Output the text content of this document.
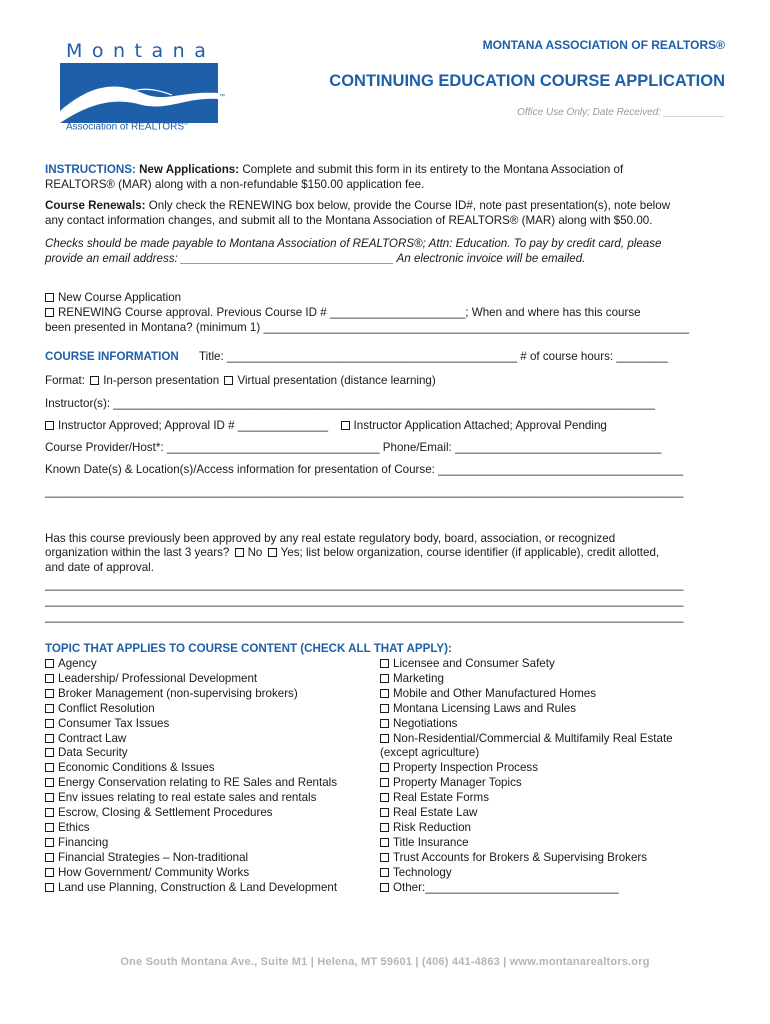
Montana
™
Association of REALTORS®
MONTANA ASSOCIATION OF REALTORS®
CONTINUING EDUCATION COURSE APPLICATION
Office Use Only; Date Received: ___________
INSTRUCTIONS: New Applications: Complete and submit this form in its entirety to the Montana Association of
REALTORS® (MAR) along with a non-refundable $150.00 application fee.
Course Renewals: Only check the RENEWING box below, provide the Course ID#, note past presentation(s), note below
any contact information changes, and submit all to the Montana Association of REALTORS® (MAR) along with $50.00.
Checks should be made payable to Montana Association of REALTORS®; Attn: Education. To pay by credit card, please
provide an email address: _________________________________ An electronic invoice will be emailed.
New Course Application
RENEWING Course approval. Previous Course ID # _____________________; When and where has this course
been presented in Montana? (minimum 1) __________________________________________________________________
COURSE INFORMATION Title: _____________________________________________ # of course hours: ________
Format: In-person presentation Virtual presentation (distance learning)
Instructor(s): ____________________________________________________________________________________
Instructor Approved; Approval ID # ______________ Instructor Application Attached; Approval Pending
Course Provider/Host*: _________________________________ Phone/Email: ________________________________
Known Date(s) & Location(s)/Access information for presentation of Course: ______________________________________
___________________________________________________________________________________________________
Has this course previously been approved by any real estate regulatory body, board, association, or recognized
organization within the last 3 years? No Yes; list below organization, course identifier (if applicable), credit allotted,
and date of approval.
___________________________________________________________________________________________________
___________________________________________________________________________________________________
___________________________________________________________________________________________________
TOPIC THAT APPLIES TO COURSE CONTENT (CHECK ALL THAT APPLY):
Agency
Leadership/ Professional Development
Broker Management (non-supervising brokers)
Conflict Resolution
Consumer Tax Issues
Contract Law
Data Security
Economic Conditions & Issues
Energy Conservation relating to RE Sales and Rentals
Env issues relating to real estate sales and rentals
Escrow, Closing & Settlement Procedures
Ethics
Financing
Financial Strategies – Non-traditional
How Government/ Community Works
Land use Planning, Construction & Land Development
Licensee and Consumer Safety
Marketing
Mobile and Other Manufactured Homes
Montana Licensing Laws and Rules
Negotiations
Non-Residential/Commercial & Multifamily Real Estate
(except agriculture)
Property Inspection Process
Property Manager Topics
Real Estate Forms
Real Estate Law
Risk Reduction
Title Insurance
Trust Accounts for Brokers & Supervising Brokers
Technology
Other:______________________________
One South Montana Ave., Suite M1 | Helena, MT 59601 | (406) 441-4863 | www.montanarealtors.org
